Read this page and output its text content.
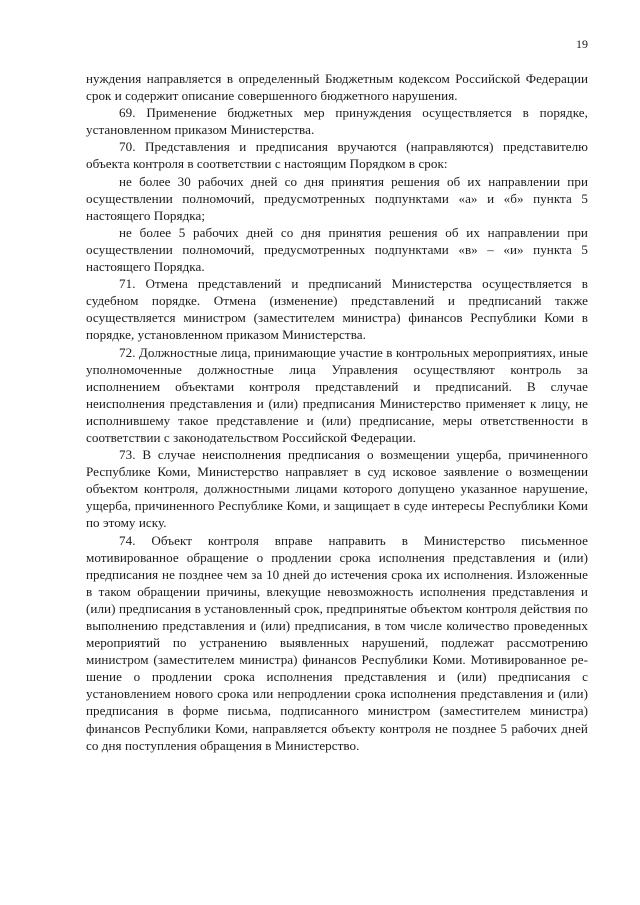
19

нуждения направляется в определенный Бюджетным кодексом Российской Федерации срок и содержит описание совершенного бюджетного нарушения.

69. Применение бюджетных мер принуждения осуществляется в порядке, установленном приказом Министерства.

70. Представления и предписания вручаются (направляются) представителю объекта контроля в соответствии с настоящим Порядком в срок:

не более 30 рабочих дней со дня принятия решения об их направлении при осуществлении полномочий, предусмотренных подпунктами «а» и «б» пункта 5 настоящего Порядка;

не более 5 рабочих дней со дня принятия решения об их направлении при осуществлении полномочий, предусмотренных подпунктами «в» – «и» пункта 5 настоящего Порядка.

71. Отмена представлений и предписаний Министерства осуществляется в судебном порядке. Отмена (изменение) представлений и предписаний также осуществляется министром (заместителем министра) финансов Республики Коми в порядке, установленном приказом Министерства.

72. Должностные лица, принимающие участие в контрольных мероприятиях, иные уполномоченные должностные лица Управления осуществляют контроль за исполнением объектами контроля представлений и предписаний. В случае неисполнения представления и (или) предписания Министерство применяет к лицу, не исполнившему такое представление и (или) предписание, меры ответственности в соответствии с законодательством Российской Федерации.

73. В случае неисполнения предписания о возмещении ущерба, причиненного Республике Коми, Министерство направляет в суд исковое заявление о возмещении объектом контроля, должностными лицами которого допущено указанное нарушение, ущерба, причиненного Республике Коми, и защищает в суде интересы Республики Коми по этому иску.

74. Объект контроля вправе направить в Министерство письменное мотивированное обращение о продлении срока исполнения представления и (или) предписания не позднее чем за 10 дней до истечения срока их исполнения. Изложенные в таком обращении причины, влекущие невозможность исполнения представления и (или) предписания в установленный срок, предпринятые объектом контроля действия по выполнению представления и (или) предписания, в том числе количество проведенных мероприятий по устранению выявленных нарушений, подлежат рассмотрению министром (заместителем министра) финансов Республики Коми. Мотивированное решение о продлении срока исполнения представления и (или) предписания с установлением нового срока или непродлении срока исполнения представления и (или) предписания в форме письма, подписанного министром (заместителем министра) финансов Республики Коми, направляется объекту контроля не позднее 5 рабочих дней со дня поступления обращения в Министерство.
